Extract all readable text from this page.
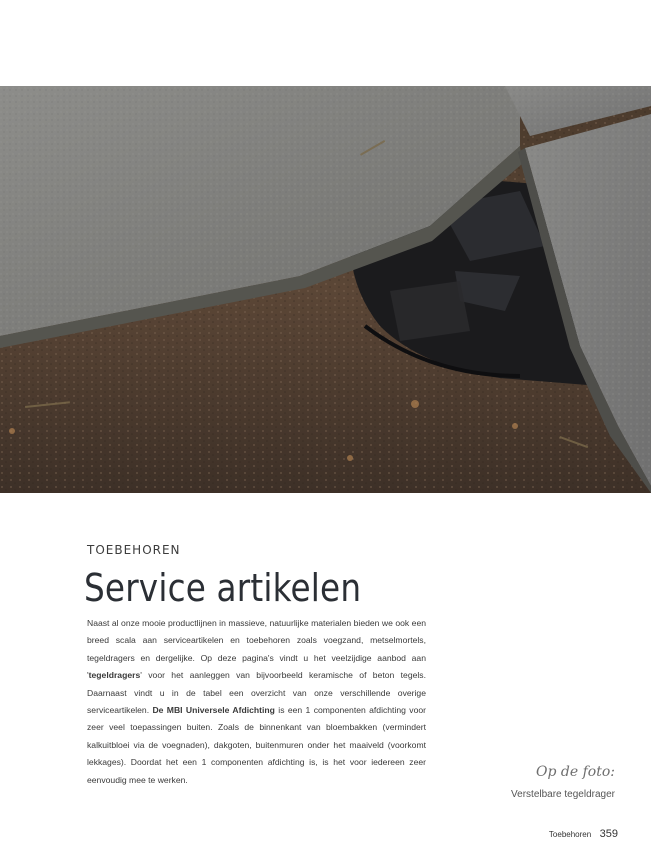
TOEBEHOREN
Service artikelen

Naast al onze mooie productlijnen in massieve, natuurlijke materialen bieden we ook een breed scala aan serviceartikelen en toebehoren zoals voegzand, metselmortels, tegeldragers en dergelijke. Op deze pagina's vindt u het veelzijdige aanbod aan 'tegeldragers' voor het aanleggen van bijvoorbeeld keramische of beton tegels. Daarnaast vindt u in de tabel een overzicht van onze verschillende overige serviceartikelen. De MBI Universele Afdichting is een 1 componenten afdichting voor zeer veel toepassingen buiten. Zoals de binnenkant van bloembakken (vermindert kalkuitbloei via de voegnaden), dakgoten, buitenmuren onder het maaiveld (voorkomt lekkages). Doordat het een 1 componenten afdichting is, is het voor iedereen zeer eenvoudig mee te werken.	Op de foto:
Verstelbare tegeldrager
Toebehoren 359
